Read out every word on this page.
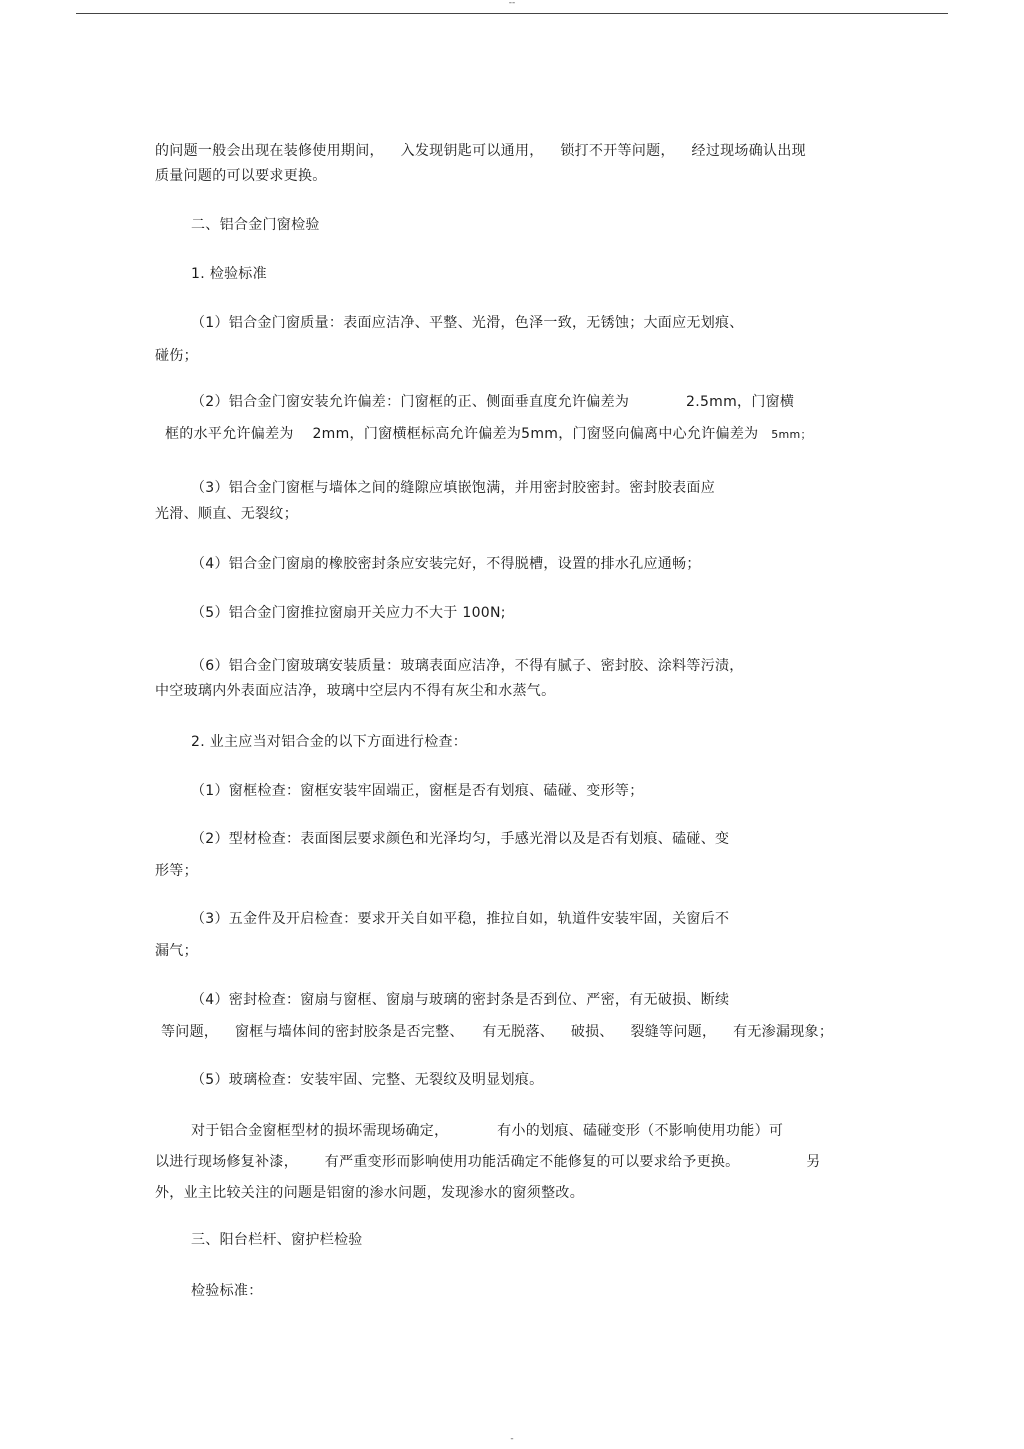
--
的问题一般会出现在装修使用期间， 入发现钥匙可以通用， 锁打不开等问题， 经过现场确认出现
质量问题的可以要求更换。
二、铝合金门窗检验
1. 检验标准
（1）铝合金门窗质量：表面应洁净、平整、光滑，色泽一致，无锈蚀；大面应无划痕、
碰伤；
（2）铝合金门窗安装允许偏差：门窗框的正、侧面垂直度允许偏差为	2.5mm，门窗横
框的水平允许偏差为 2mm，门窗横框标高允许偏差为5mm，门窗竖向偏离中心允许偏差为 5mm；
（3）铝合金门窗框与墙体之间的缝隙应填嵌饱满，并用密封胶密封。密封胶表面应
光滑、顺直、无裂纹；
（4）铝合金门窗扇的橡胶密封条应安装完好，不得脱槽，设置的排水孔应通畅；
（5）铝合金门窗推拉窗扇开关应力不大于 100N;
（6）铝合金门窗玻璃安装质量：玻璃表面应洁净，不得有腻子、密封胶、涂料等污渍，
中空玻璃内外表面应洁净，玻璃中空层内不得有灰尘和水蒸气。
2. 业主应当对铝合金的以下方面进行检查：
（1）窗框检查：窗框安装牢固端正，窗框是否有划痕、磕碰、变形等；
（2）型材检查：表面图层要求颜色和光泽均匀，手感光滑以及是否有划痕、磕碰、变
形等；
（3）五金件及开启检查：要求开关自如平稳，推拉自如，轨道件安装牢固，关窗后不
漏气；
（4）密封检查：窗扇与窗框、窗扇与玻璃的密封条是否到位、严密，有无破损、断续
等问题， 窗框与墙体间的密封胶条是否完整、 有无脱落、 破损、 裂缝等问题， 有无渗漏现象；
（5）玻璃检查：安装牢固、完整、无裂纹及明显划痕。
对于铝合金窗框型材的损坏需现场确定，	有小的划痕、磕碰变形（不影响使用功能）可
以进行现场修复补漆， 有严重变形而影响使用功能活确定不能修复的可以要求给予更换。	另
外，业主比较关注的问题是铝窗的渗水问题，发现渗水的窗须整改。
三、阳台栏杆、窗护栏检验
检验标准：
-
